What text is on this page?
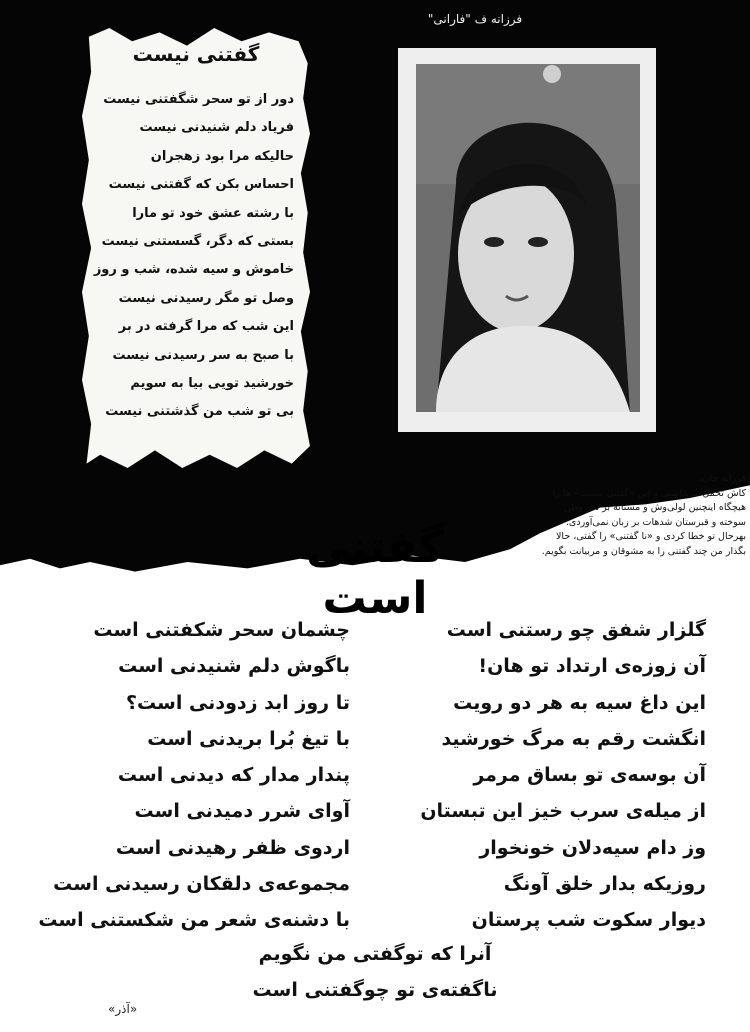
گفتنی نیست
دور از تو سحر شگفتنی نیست
فریاد دلم شنیدنی نیست
حالیکه مرا بود زهجران
احساس بکن که گفتنی نیست
با رشته عشق خود تو مارا
بستی که دگر، گسستنی نیست
خاموش و سیه شده، شب و روز
وصل تو مگر رسیدنی نیست
این شب که مرا گرفته در بر
با صبح به سر رسیدنی نیست
خورشید تویی بیا به سویم
بی تو شب من گذشتنی نیست
فرزانه ف "فارانی"
فرزانه جان،
کاش تحمل می‌داشتی و این «گفتنی نیست» ها را
هیچگاه اینچنین لولی‌وش و مستانه بر سر وطن
سوخته و قبرستان شدهات بر زبان نمی‌آوردی.
بهرحال تو خطا کردی و «نا گفتنی» را گفتی، حالا
بگذار من چند گفتنی را به مشوقان و مربیانت بگویم.
گفتنی است
گلزار شفق چو رستنی است
آن زوزه‌ی ارتداد تو هان!
این داغ سیه به هر دو رویت
انگشت رقم به مرگ خورشید
آن بوسه‌ی تو بساق مرمر
از میله‌ی سرب خیز این تبستان
وز دام سیه‌دلان خونخوار
روزیکه بدار خلق آونگ
دیوار سکوت شب پرستان
چشمان سحر شکفتنی است
باگوش دلم شنیدنی است
تا روز ابد زدودنی است؟
با تیغ بُرا بریدنی است
پندار مدار که دیدنی است
آوای شرر دمیدنی است
اردوی ظفر رهیدنی است
مجموعه‌ی دلقکان رسیدنی است
با دشنه‌ی شعر من شکستنی است
آنرا که توگفتی من نگویم
ناگفته‌ی تو چوگفتنی است
«آذر»
